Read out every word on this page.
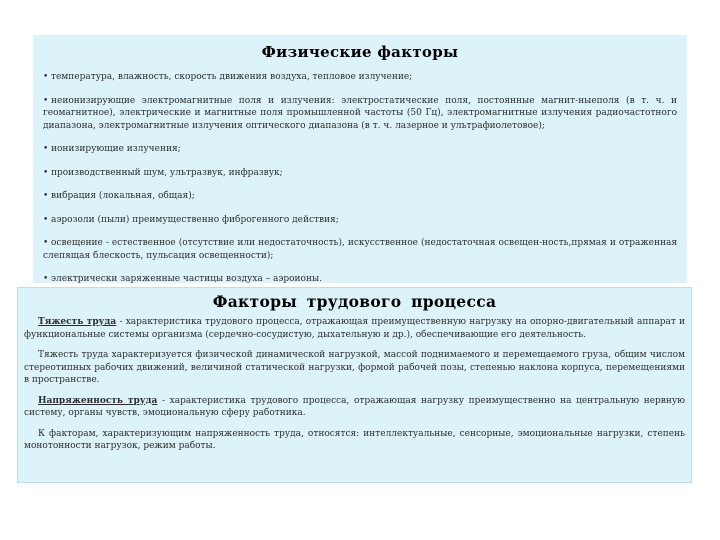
Физические факторы
• температура, влажность, скорость движения воздуха, тепловое излучение;
• неионизирующие электромагнитные поля и излучения: электростатические поля, постоянные магнит-ныеполя (в т. ч. и геомагнитное), электрические и магнитные поля промышленной частоты (50 Гц), электромагнитные излучения радиочастотного диапазона, электромагнитные излучения оптического диапазона (в т. ч. лазерное и ультрафиолетовое);
• ионизирующие излучения;
• производственный шум, ультразвук, инфразвук;
• вибрация (локальная, общая);
• аэрозоли (пыли) преимущественно фиброгенного действия;
• освещение - естественное (отсутствие или недостаточность), искусственное (недостаточная освещен-ность,прямая и отраженная слепящая блескость, пульсация освещенности);
• электрически заряженные частицы воздуха – аэроионы.
Факторы трудового процесса

Тяжесть труда - характеристика трудового процесса, отражающая преимущественную нагрузку на опорно-двигательный аппарат и функциональные системы организма (сердечно-сосудистую, дыхательную и др.), обеспечивающие его деятельность.

Тяжесть труда характеризуется физической динамической нагрузкой, массой поднимаемого и перемещаемого груза, общим числом стереотипных рабочих движений, величиной статической нагрузки, формой рабочей позы, степенью наклона корпуса, перемещениями в пространстве.

Напряженность труда - характеристика трудового процесса, отражающая нагрузку преимущественно на центральную нервную систему, органы чувств, эмоциональную сферу работника.

К факторам, характеризующим напряженность труда, относятся: интеллектуальные, сенсорные, эмоциональные нагрузки, степень монотонности нагрузок, режим работы.
